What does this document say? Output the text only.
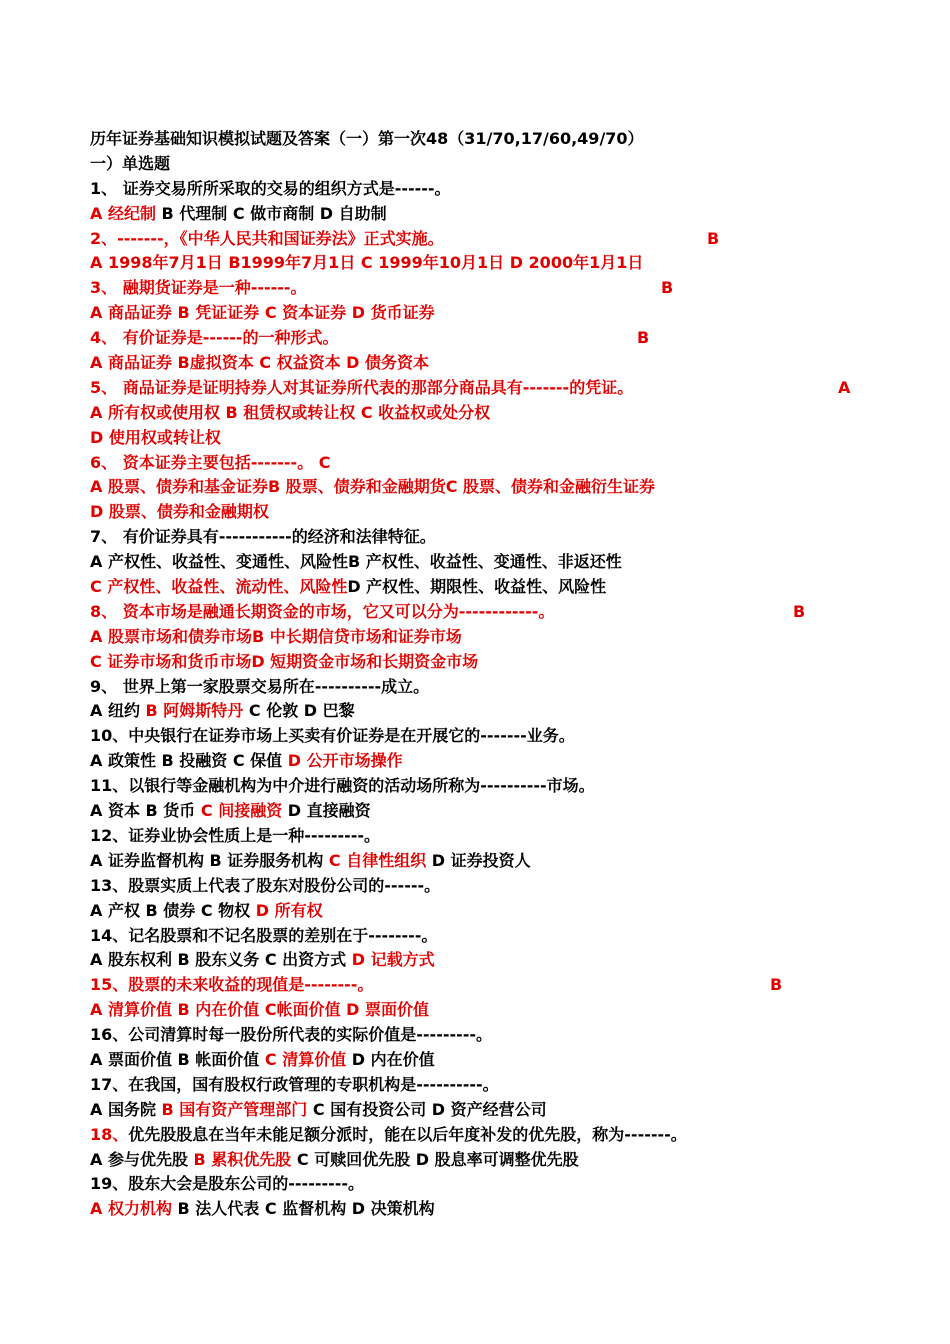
历年证券基础知识模拟试题及答案（一）第一次48（31/70,17/60,49/70）
一）单选题
1、 证券交易所所采取的交易的组织方式是------。
A 经纪制 B 代理制 C 做市商制 D 自助制
2、-------，《中华人民共和国证券法》正式实施。	B
A 1998年7月1日 B1999年7月1日 C 1999年10月1日 D 2000年1月1日
3、 融期货证券是一种------。	B
A 商品证券 B 凭证证券 C 资本证券 D 货币证券
4、 有价证券是------的一种形式。	B
A 商品证券 B虚拟资本 C 权益资本 D 债务资本
5、 商品证券是证明持券人对其证券所代表的那部分商品具有-------的凭证。	A
A 所有权或使用权 B 租赁权或转让权 C 收益权或处分权
D 使用权或转让权
6、 资本证券主要包括-------。 C
A 股票、债券和基金证券B 股票、债券和金融期货C 股票、债券和金融衍生证券
D 股票、债券和金融期权
7、 有价证券具有-----------的经济和法律特征。
A 产权性、收益性、变通性、风险性B 产权性、收益性、变通性、非返还性
C 产权性、收益性、流动性、风险性D 产权性、期限性、收益性、风险性
8、 资本市场是融通长期资金的市场，它又可以分为------------。	B
A 股票市场和债券市场B 中长期信贷市场和证券市场
C 证券市场和货币市场D 短期资金市场和长期资金市场
9、 世界上第一家股票交易所在----------成立。
A 纽约 B 阿姆斯特丹 C 伦敦 D 巴黎
10、中央银行在证券市场上买卖有价证券是在开展它的-------业务。
A 政策性 B 投融资 C 保值 D 公开市场操作
11、以银行等金融机构为中介进行融资的活动场所称为----------市场。
A 资本 B 货币 C 间接融资 D 直接融资
12、证券业协会性质上是一种---------。
A 证券监督机构 B 证券服务机构 C 自律性组织 D 证券投资人
13、股票实质上代表了股东对股份公司的------。
A 产权 B 债券 C 物权 D 所有权
14、记名股票和不记名股票的差别在于--------。
A 股东权利 B 股东义务 C 出资方式 D 记载方式
15、股票的未来收益的现值是--------。	B
A 清算价值 B 内在价值 C帐面价值 D 票面价值
16、公司清算时每一股份所代表的实际价值是---------。
A 票面价值 B 帐面价值 C 清算价值 D 内在价值
17、在我国，国有股权行政管理的专职机构是----------。
A 国务院 B 国有资产管理部门 C 国有投资公司 D 资产经营公司
18、优先股股息在当年未能足额分派时，能在以后年度补发的优先股，称为-------。
A 参与优先股 B 累积优先股 C 可赎回优先股 D 股息率可调整优先股
19、股东大会是股东公司的---------。
A 权力机构 B 法人代表 C 监督机构 D 决策机构
